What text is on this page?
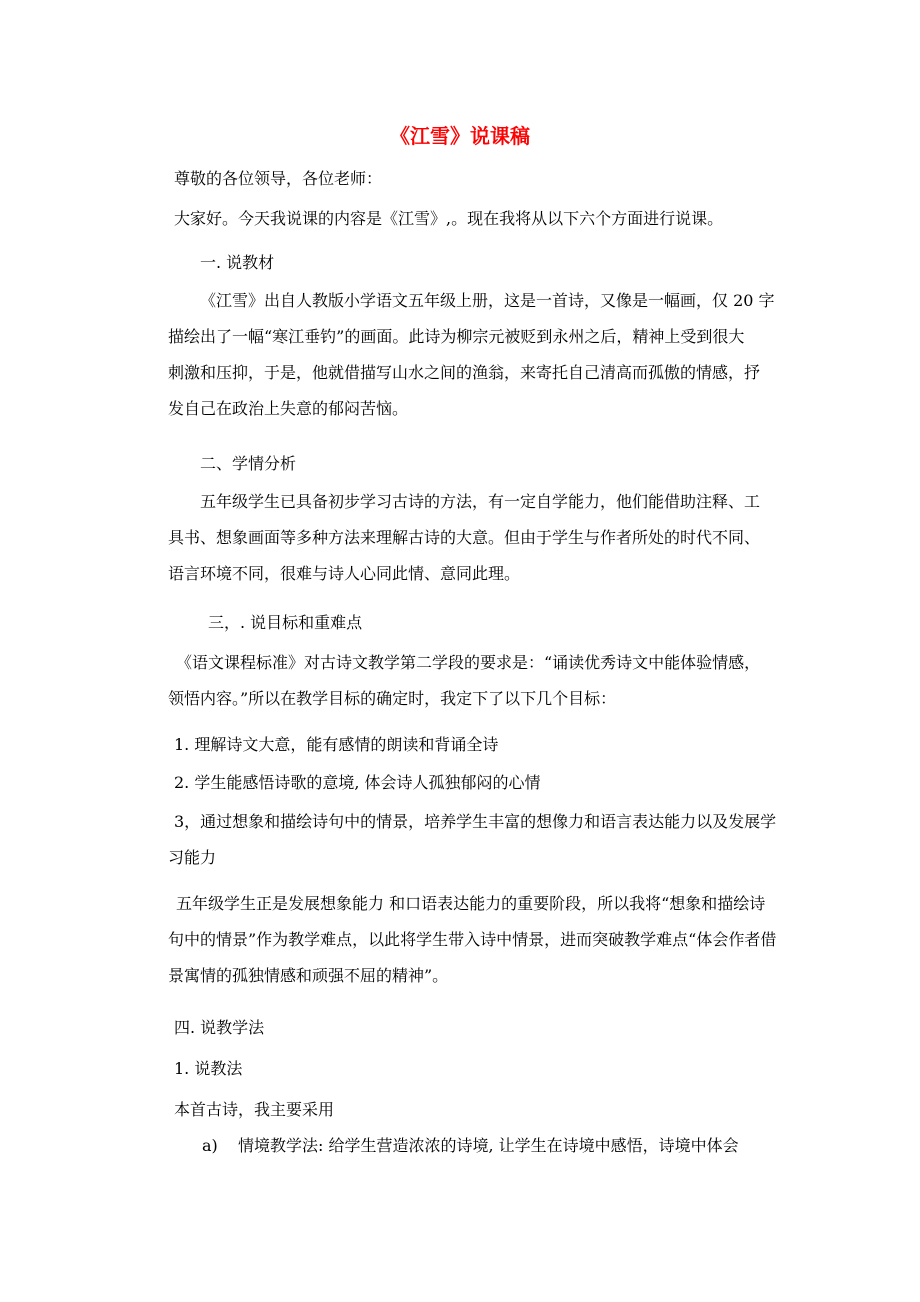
《江雪》说课稿
尊敬的各位领导，各位老师：
大家好。今天我说课的内容是《江雪》,。现在我将从以下六个方面进行说课。
一. 说教材
《江雪》出自人教版小学语文五年级上册，这是一首诗，又像是一幅画，仅 20 字
描绘出了一幅“寒江垂钓”的画面。此诗为柳宗元被贬到永州之后，精神上受到很大
刺激和压抑，于是，他就借描写山水之间的渔翁，来寄托自己清高而孤傲的情感，抒
发自己在政治上失意的郁闷苦恼。
二、学情分析
五年级学生已具备初步学习古诗的方法，有一定自学能力，他们能借助注释、工
具书、想象画面等多种方法来理解古诗的大意。但由于学生与作者所处的时代不同、
语言环境不同，很难与诗人心同此情、意同此理。
三，. 说目标和重难点
《语文课程标准》对古诗文教学第二学段的要求是：“诵读优秀诗文中能体验情感，
领悟内容。”所以在教学目标的确定时，我定下了以下几个目标：
1. 理解诗文大意，能有感情的朗读和背诵全诗
2. 学生能感悟诗歌的意境, 体会诗人孤独郁闷的心情
3，通过想象和描绘诗句中的情景，培养学生丰富的想像力和语言表达能力以及发展学
习能力
五年级学生正是发展想象能力 和口语表达能力的重要阶段，所以我将“想象和描绘诗
句中的情景”作为教学难点，以此将学生带入诗中情景，进而突破教学难点“体会作者借
景寓情的孤独情感和顽强不屈的精神”。
四. 说教学法
1. 说教法
本首古诗，我主要采用
a) 情境教学法: 给学生营造浓浓的诗境, 让学生在诗境中感悟，诗境中体会
